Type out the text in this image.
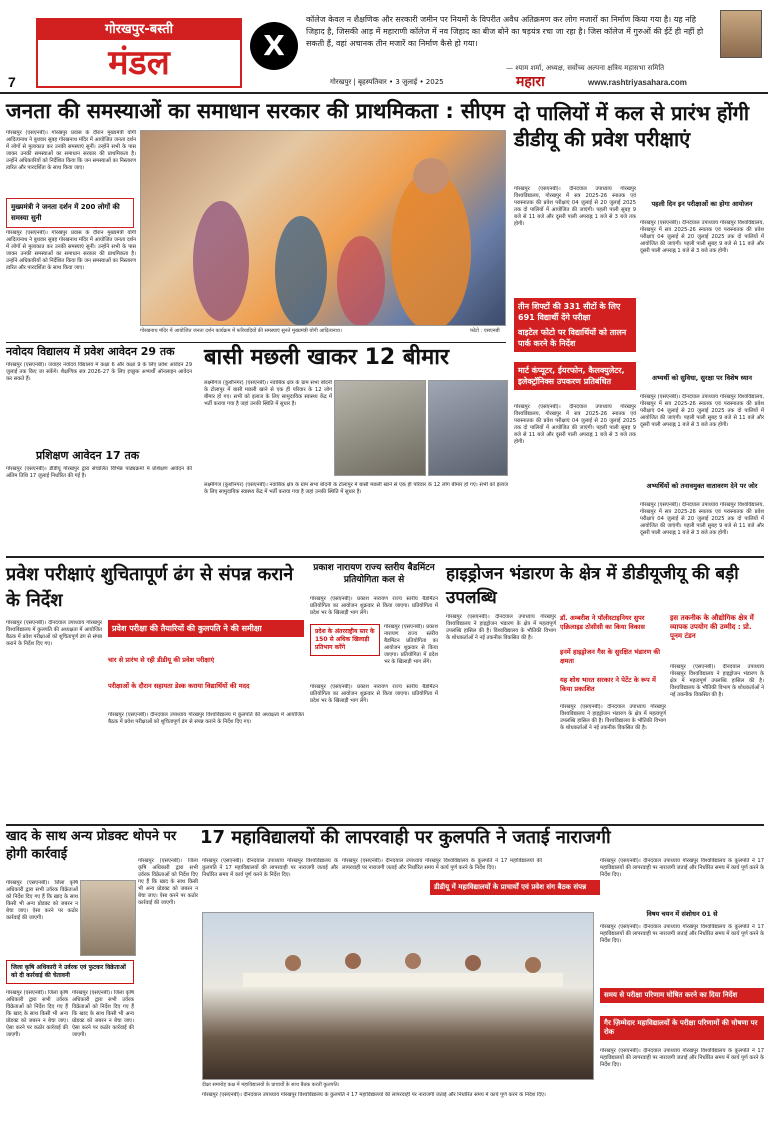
7
गोरखपुर-बस्ती
मंडल	X
कॉलेज केवल न शैक्षणिक और सरकारी जमीन पर नियमों के विपरीत अवैध अतिक्रमण कर लोग मजारों का निर्माण किया गया है। यह नहि जिहाद है, जिसकी आड़ में महाराणी कॉलेज में नव जिहाद का बीज बोने का षड़यंत्र रचा जा रहा है। जिस कॉलेज में गुरुओं की ईंटें ही नहीं हो सकती हैं, वहां अचानक तीन मजारें का निर्माण कैसे हो गया।
— श्याम शर्मा, अध्यक्ष, सर्वोच्च अल्पना क्षत्रिय महासभा समिति
गोरखपुर | बृहस्पतिवार • 3 जुलाई • 2025	महारा	www.rashtriyasahara.com
जनता की समस्याओं का समाधान सरकार की प्राथमिकता : सीएम
गोरखपुर (एसएनबी)। गोरखपुर प्रवास के दौरान मुख्यमंत्री योगी आदित्यनाथ ने बुधवार सुबह गोरखनाथ मंदिर में आयोजित जनता दर्शन में लोगों से मुलाकात कर उनकी समस्याएं सुनीं। उन्होंने सभी के पास जाकर उनकी समस्याओं का समाधान सरकार की प्राथमिकता है। उन्होंने अधिकारियों को निर्देशित किया कि जन समस्याओं का निस्तारण त्वरित और पारदर्शिता के साथ किया जाए।
मुख्यमंत्री ने जनता दर्शन में 200 लोगों की समस्या सुनी
गोरखपुर (एसएनबी)। गोरखपुर प्रवास के दौरान मुख्यमंत्री योगी आदित्यनाथ ने बुधवार सुबह गोरखनाथ मंदिर में आयोजित जनता दर्शन में लोगों से मुलाकात कर उनकी समस्याएं सुनीं। उन्होंने सभी के पास जाकर उनकी समस्याओं का समाधान सरकार की प्राथमिकता है। उन्होंने अधिकारियों को निर्देशित किया कि जन समस्याओं का निस्तारण त्वरित और पारदर्शिता के साथ किया जाए।
गोरखनाथ मंदिर में आयोजित जनता दर्शन कार्यक्रम में फरियादियों की समस्याएं सुनते मुख्यमंत्री योगी आदित्यनाथ।	फोटो : एसएनबी
दो पालियों में कल से प्रारंभ होंगी डीडीयू की प्रवेश परीक्षाएं
गोरखपुर (एसएनबी)। दीनदयाल उपाध्याय गोरखपुर विश्वविद्यालय, गोरखपुर में सत्र 2025-26 स्नातक एवं परास्नातक की प्रवेश परीक्षाएं 04 जुलाई से 20 जुलाई 2025 तक दो पालियों में आयोजित की जाएंगी। पहली पाली सुबह 9 बजे से 11 बजे और दूसरी पाली अपराह्न 1 बजे से 3 बजे तक होगी।
तीन शिफ्टों की 331 सीटों के लिए 691 विद्यार्थी देंगे परीक्षा
वाइटेल फोटो पर विद्यार्थियों को तालन पार्क करने के निर्देश
मार्ट कंप्यूटर, ईयरफोन, कैलक्युलेटर, इलेक्ट्रॉनिक्स उपकरण प्रतिबंधित
गोरखपुर (एसएनबी)। दीनदयाल उपाध्याय गोरखपुर विश्वविद्यालय, गोरखपुर में सत्र 2025-26 स्नातक एवं परास्नातक की प्रवेश परीक्षाएं 04 जुलाई से 20 जुलाई 2025 तक दो पालियों में आयोजित की जाएंगी। पहली पाली सुबह 9 बजे से 11 बजे और दूसरी पाली अपराह्न 1 बजे से 3 बजे तक होगी।
पहली दिन इन परीक्षाओं का होगा आयोजन
गोरखपुर (एसएनबी)। दीनदयाल उपाध्याय गोरखपुर विश्वविद्यालय, गोरखपुर में सत्र 2025-26 स्नातक एवं परास्नातक की प्रवेश परीक्षाएं 04 जुलाई से 20 जुलाई 2025 तक दो पालियों में आयोजित की जाएंगी। पहली पाली सुबह 9 बजे से 11 बजे और दूसरी पाली अपराह्न 1 बजे से 3 बजे तक होगी।
अभ्यर्थी को सुविधा, सुरक्षा पर विशेष ध्यान
गोरखपुर (एसएनबी)। दीनदयाल उपाध्याय गोरखपुर विश्वविद्यालय, गोरखपुर में सत्र 2025-26 स्नातक एवं परास्नातक की प्रवेश परीक्षाएं 04 जुलाई से 20 जुलाई 2025 तक दो पालियों में आयोजित की जाएंगी। पहली पाली सुबह 9 बजे से 11 बजे और दूसरी पाली अपराह्न 1 बजे से 3 बजे तक होगी।
अभ्यर्थियों को तनावमुक्त वातावरण देने पर जोर
गोरखपुर (एसएनबी)। दीनदयाल उपाध्याय गोरखपुर विश्वविद्यालय, गोरखपुर में सत्र 2025-26 स्नातक एवं परास्नातक की प्रवेश परीक्षाएं 04 जुलाई से 20 जुलाई 2025 तक दो पालियों में आयोजित की जाएंगी। पहली पाली सुबह 9 बजे से 11 बजे और दूसरी पाली अपराह्न 1 बजे से 3 बजे तक होगी।
नवोदय विद्यालय में प्रवेश आवेदन 29 तक
गोरखपुर (एसएनबी)। जवाहर नवोदय विद्यालय में कक्षा 6 और कक्षा 9 के लिए प्रवेश आवेदन 29 जुलाई तक किए जा सकेंगे। शैक्षणिक सत्र 2026-27 के लिए इच्छुक अभ्यर्थी ऑनलाइन आवेदन कर सकते हैं।
प्रशिक्षण आवेदन 17 तक
गोरखपुर (एसएनबी)। डीडीयू गोरखपुर द्वारा संचालित विभिन्न पाठ्यक्रमों में प्रशिक्षण आवेदन की अंतिम तिथि 17 जुलाई निर्धारित की गई है।
बासी मछली खाकर 12 बीमार
लक्ष्मीगंज (कुशीनगर) (एसएनबी)। नवाबिक क्षेत्र के ग्राम सभा बोदनी के टोलापुर में बासी मछली खाने से एक ही परिवार के 12 लोग बीमार हो गए। सभी को इलाज के लिए सामुदायिक स्वास्थ्य केंद्र में भर्ती कराया गया है जहां उनकी स्थिति में सुधार है।
लक्ष्मीगंज (कुशीनगर) (एसएनबी)। नवाबिक क्षेत्र के ग्राम सभा बोदनी के टोलापुर में बासी मछली खाने से एक ही परिवार के 12 लोग बीमार हो गए। सभी को इलाज के लिए सामुदायिक स्वास्थ्य केंद्र में भर्ती कराया गया है जहां उनकी स्थिति में सुधार है।
प्रवेश परीक्षाएं शुचितापूर्ण ढंग से संपन्न कराने के निर्देश
गोरखपुर (एसएनबी)। दीनदयाल उपाध्याय गोरखपुर विश्वविद्यालय में कुलपति की अध्यक्षता में आयोजित बैठक में प्रवेश परीक्षाओं को शुचितापूर्ण ढंग से संपन्न कराने के निर्देश दिए गए।
प्रवेश परीक्षा की तैयारियों की कुलपति ने की समीक्षा
चार से प्रारंभ से रही डीडीयू की प्रवेश परीक्षाएं
परीक्षाओं के दौरान सहायता डेस्क कराया विद्यार्थियों की मदद
गोरखपुर (एसएनबी)। दीनदयाल उपाध्याय गोरखपुर विश्वविद्यालय में कुलपति की अध्यक्षता में आयोजित बैठक में प्रवेश परीक्षाओं को शुचितापूर्ण ढंग से संपन्न कराने के निर्देश दिए गए।
प्रकाश नारायण राज्य स्तरीय बैडमिंटन प्रतियोगिता कल से
गोरखपुर (एसएनबी)। प्रकाश नारायण राज्य स्तरीय बैडमिंटन प्रतियोगिता का आयोजन शुक्रवार से किया जाएगा। प्रतियोगिता में प्रदेश भर के खिलाड़ी भाग लेंगे।
प्रदेश के अंतरराष्ट्रीय स्तर के 150 से अधिक खिलाड़ी प्रतिभाग करेंगे
गोरखपुर (एसएनबी)। प्रकाश नारायण राज्य स्तरीय बैडमिंटन प्रतियोगिता का आयोजन शुक्रवार से किया जाएगा। प्रतियोगिता में प्रदेश भर के खिलाड़ी भाग लेंगे।
गोरखपुर (एसएनबी)। प्रकाश नारायण राज्य स्तरीय बैडमिंटन प्रतियोगिता का आयोजन शुक्रवार से किया जाएगा। प्रतियोगिता में प्रदेश भर के खिलाड़ी भाग लेंगे।
हाइड्रोजन भंडारण के क्षेत्र में डीडीयूजीयू की बड़ी उपलब्धि
गोरखपुर (एसएनबी)। दीनदयाल उपाध्याय गोरखपुर विश्वविद्यालय ने हाइड्रोजन भंडारण के क्षेत्र में महत्वपूर्ण उपलब्धि हासिल की है। विश्वविद्यालय के भौतिकी विभाग के शोधकर्ताओं ने नई तकनीक विकसित की है।
डॉ. अम्बरीश ने पॉलीस्टाइनियर सुपर एक्रिलाइड ठोसीसी का किया विकास
इनमें हाइड्रोजन गैस के सुरक्षित भंडारण की क्षमता
यह शोध भारत सरकार ने पेटेंट के रूप में किया प्रकाशित
गोरखपुर (एसएनबी)। दीनदयाल उपाध्याय गोरखपुर विश्वविद्यालय ने हाइड्रोजन भंडारण के क्षेत्र में महत्वपूर्ण उपलब्धि हासिल की है। विश्वविद्यालय के भौतिकी विभाग के शोधकर्ताओं ने नई तकनीक विकसित की है।
इस तकनीक के औद्योगिक क्षेत्र में व्यापक उपयोग की उम्मीद : प्रो. पूनम टंडन
गोरखपुर (एसएनबी)। दीनदयाल उपाध्याय गोरखपुर विश्वविद्यालय ने हाइड्रोजन भंडारण के क्षेत्र में महत्वपूर्ण उपलब्धि हासिल की है। विश्वविद्यालय के भौतिकी विभाग के शोधकर्ताओं ने नई तकनीक विकसित की है।
खाद के साथ अन्य प्रोडक्ट थोपने पर होगी कार्रवाई
17 महाविद्यालयों की लापरवाही पर कुलपति ने जताई नाराजगी
गोरखपुर (एसएनबी)। जिला कृषि अधिकारी द्वारा सभी उर्वरक विक्रेताओं को निर्देश दिए गए हैं कि खाद के साथ किसी भी अन्य प्रोडक्ट को जबरन न बेचा जाए। ऐसा करने पर कठोर कार्रवाई की जाएगी।
जिला कृषि अधिकारी ने उर्वरक एवं फुटकर विक्रेताओं को दी कार्रवाई की चेतावनी
गोरखपुर (एसएनबी)। जिला कृषि अधिकारी द्वारा सभी उर्वरक विक्रेताओं को निर्देश दिए गए हैं कि खाद के साथ किसी भी अन्य प्रोडक्ट को जबरन न बेचा जाए। ऐसा करने पर कठोर कार्रवाई की जाएगी।
गोरखपुर (एसएनबी)। जिला कृषि अधिकारी द्वारा सभी उर्वरक विक्रेताओं को निर्देश दिए गए हैं कि खाद के साथ किसी भी अन्य प्रोडक्ट को जबरन न बेचा जाए। ऐसा करने पर कठोर कार्रवाई की जाएगी।
गोरखपुर (एसएनबी)। जिला कृषि अधिकारी द्वारा सभी उर्वरक विक्रेताओं को निर्देश दिए गए हैं कि खाद के साथ किसी भी अन्य प्रोडक्ट को जबरन न बेचा जाए। ऐसा करने पर कठोर कार्रवाई की जाएगी।
गोरखपुर (एसएनबी)। दीनदयाल उपाध्याय गोरखपुर विश्वविद्यालय के कुलपति ने 17 महाविद्यालयों की लापरवाही पर नाराजगी जताई और निर्धारित समय में कार्य पूर्ण करने के निर्देश दिए।
गोरखपुर (एसएनबी)। दीनदयाल उपाध्याय गोरखपुर विश्वविद्यालय के कुलपति ने 17 महाविद्यालयों की लापरवाही पर नाराजगी जताई और निर्धारित समय में कार्य पूर्ण करने के निर्देश दिए।
डीडीयू में महाविद्यालयों के प्राचार्यों एवं प्रवेश संग बैठक संपन्न
दीक्षा समारोह कक्ष में महाविद्यालयों के प्राचार्यों के साथ बैठक करतीं कुलपति।
गोरखपुर (एसएनबी)। दीनदयाल उपाध्याय गोरखपुर विश्वविद्यालय के कुलपति ने 17 महाविद्यालयों की लापरवाही पर नाराजगी जताई और निर्धारित समय में कार्य पूर्ण करने के निर्देश दिए।
गोरखपुर (एसएनबी)। दीनदयाल उपाध्याय गोरखपुर विश्वविद्यालय के कुलपति ने 17 महाविद्यालयों की लापरवाही पर नाराजगी जताई और निर्धारित समय में कार्य पूर्ण करने के निर्देश दिए।
विषय चयन में संशोधन 01 से
गोरखपुर (एसएनबी)। दीनदयाल उपाध्याय गोरखपुर विश्वविद्यालय के कुलपति ने 17 महाविद्यालयों की लापरवाही पर नाराजगी जताई और निर्धारित समय में कार्य पूर्ण करने के निर्देश दिए।
समय से परीक्षा परिणाम घोषित करने का दिया निर्देश
गैर ज़िम्मेदार महाविद्यालयों के परीक्षा परिणामों की घोषणा पर रोक
गोरखपुर (एसएनबी)। दीनदयाल उपाध्याय गोरखपुर विश्वविद्यालय के कुलपति ने 17 महाविद्यालयों की लापरवाही पर नाराजगी जताई और निर्धारित समय में कार्य पूर्ण करने के निर्देश दिए।
